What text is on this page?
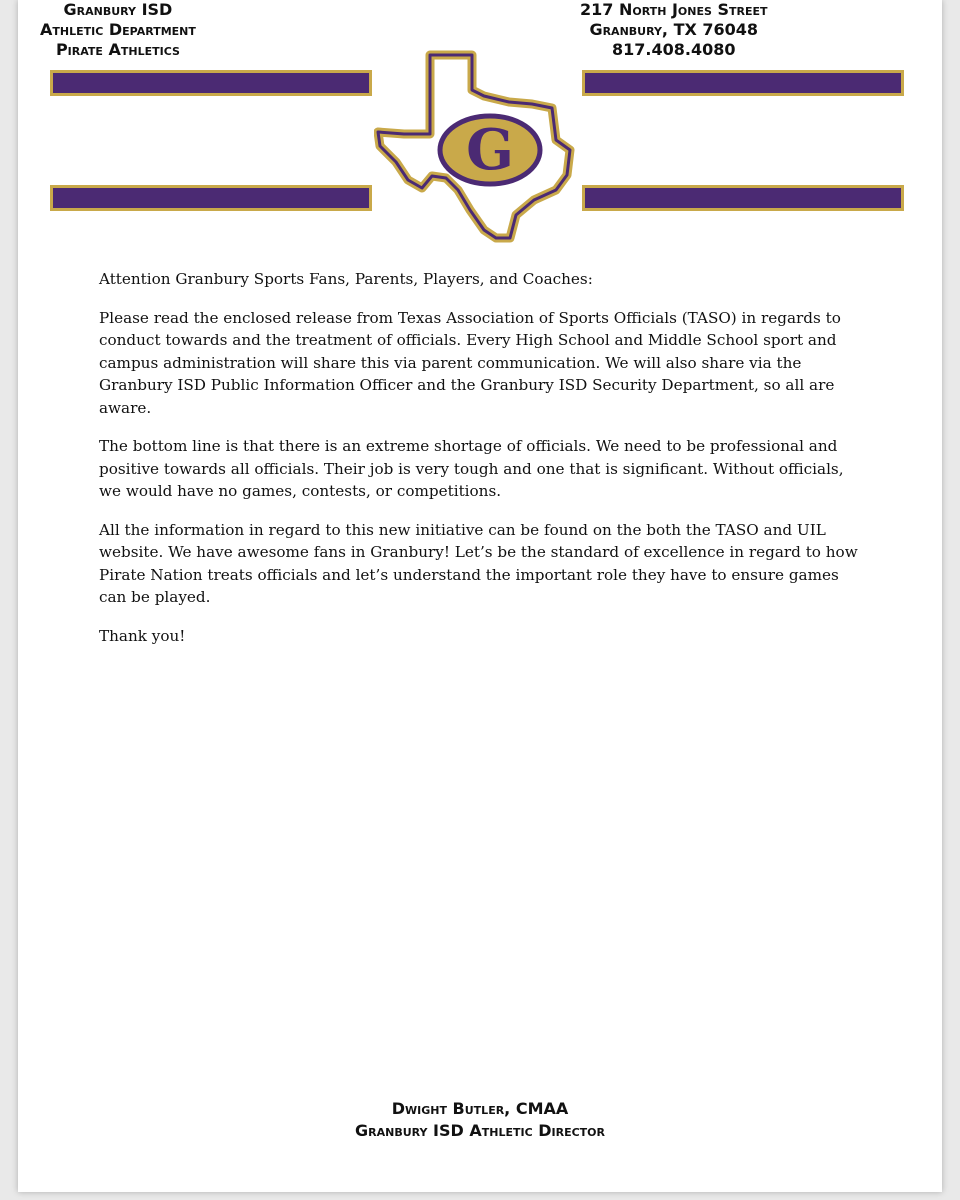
Granbury ISD
Athletic Department
Pirate Athletics
217 North Jones Street
Granbury, TX 76048
817.408.4080
G

Attention Granbury Sports Fans, Parents, Players, and Coaches:

Please read the enclosed release from Texas Association of Sports Officials (TASO) in regards to conduct towards and the treatment of officials. Every High School and Middle School sport and campus administration will share this via parent communication. We will also share via the Granbury ISD Public Information Officer and the Granbury ISD Security Department, so all are aware.

The bottom line is that there is an extreme shortage of officials. We need to be professional and positive towards all officials. Their job is very tough and one that is significant. Without officials, we would have no games, contests, or competitions.

All the information in regard to this new initiative can be found on the both the TASO and UIL website. We have awesome fans in Granbury! Let’s be the standard of excellence in regard to how Pirate Nation treats officials and let’s understand the important role they have to ensure games can be played.

Thank you!

Dwight Butler, CMAA
Granbury ISD Athletic Director
